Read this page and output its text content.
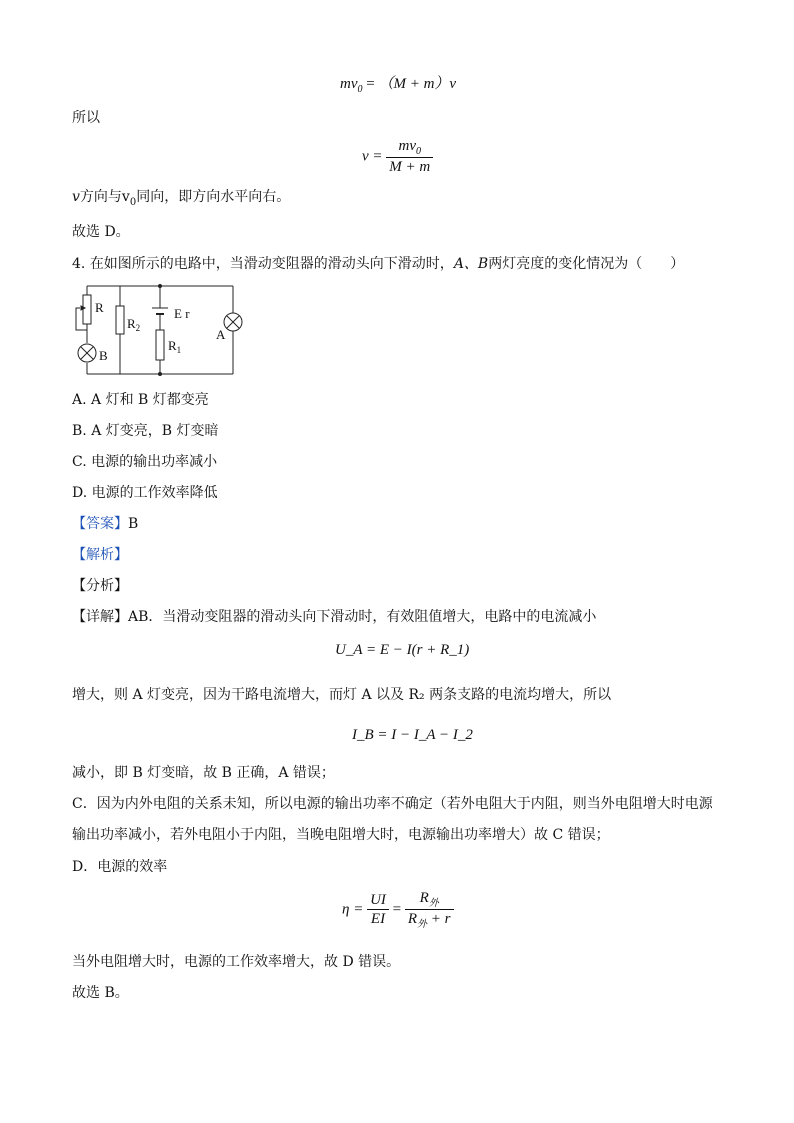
$mv_0 = (M + m)v$
所以
$v = \frac{mv_0}{M + m}$
v方向与$v_0$同向，即方向水平向右。
故选 D。
4. 在如图所示的电路中，当滑动变阻器的滑动头向下滑动时，A、B两灯亮度的变化情况为（　　）
R
$R_2$
E r
$R_1$
A
B
A. A 灯和 B 灯都变亮
B. A 灯变亮，B 灯变暗
C. 电源的输出功率减小
D. 电源的工作效率降低
【答案】B
【解析】
【分析】
【详解】AB．当滑动变阻器的滑动头向下滑动时，有效阻值增大，电路中的电流减小
U_A = E − I(r + R_1)
增大，则 A 灯变亮，因为干路电流增大，而灯 A 以及 R₂ 两条支路的电流均增大，所以
I_B = I − I_A − I_2
减小，即 B 灯变暗，故 B 正确，A 错误；
C．因为内外电阻的关系未知，所以电源的输出功率不确定（若外电阻大于内阻，则当外电阻增大时电源
输出功率减小，若外电阻小于内阻，当晚电阻增大时，电源输出功率增大）故 C 错误；
D．电源的效率
$\eta = \frac{UI}{EI} = \frac{R_外}{R_外 + r}$
当外电阻增大时，电源的工作效率增大，故 D 错误。
故选 B。
